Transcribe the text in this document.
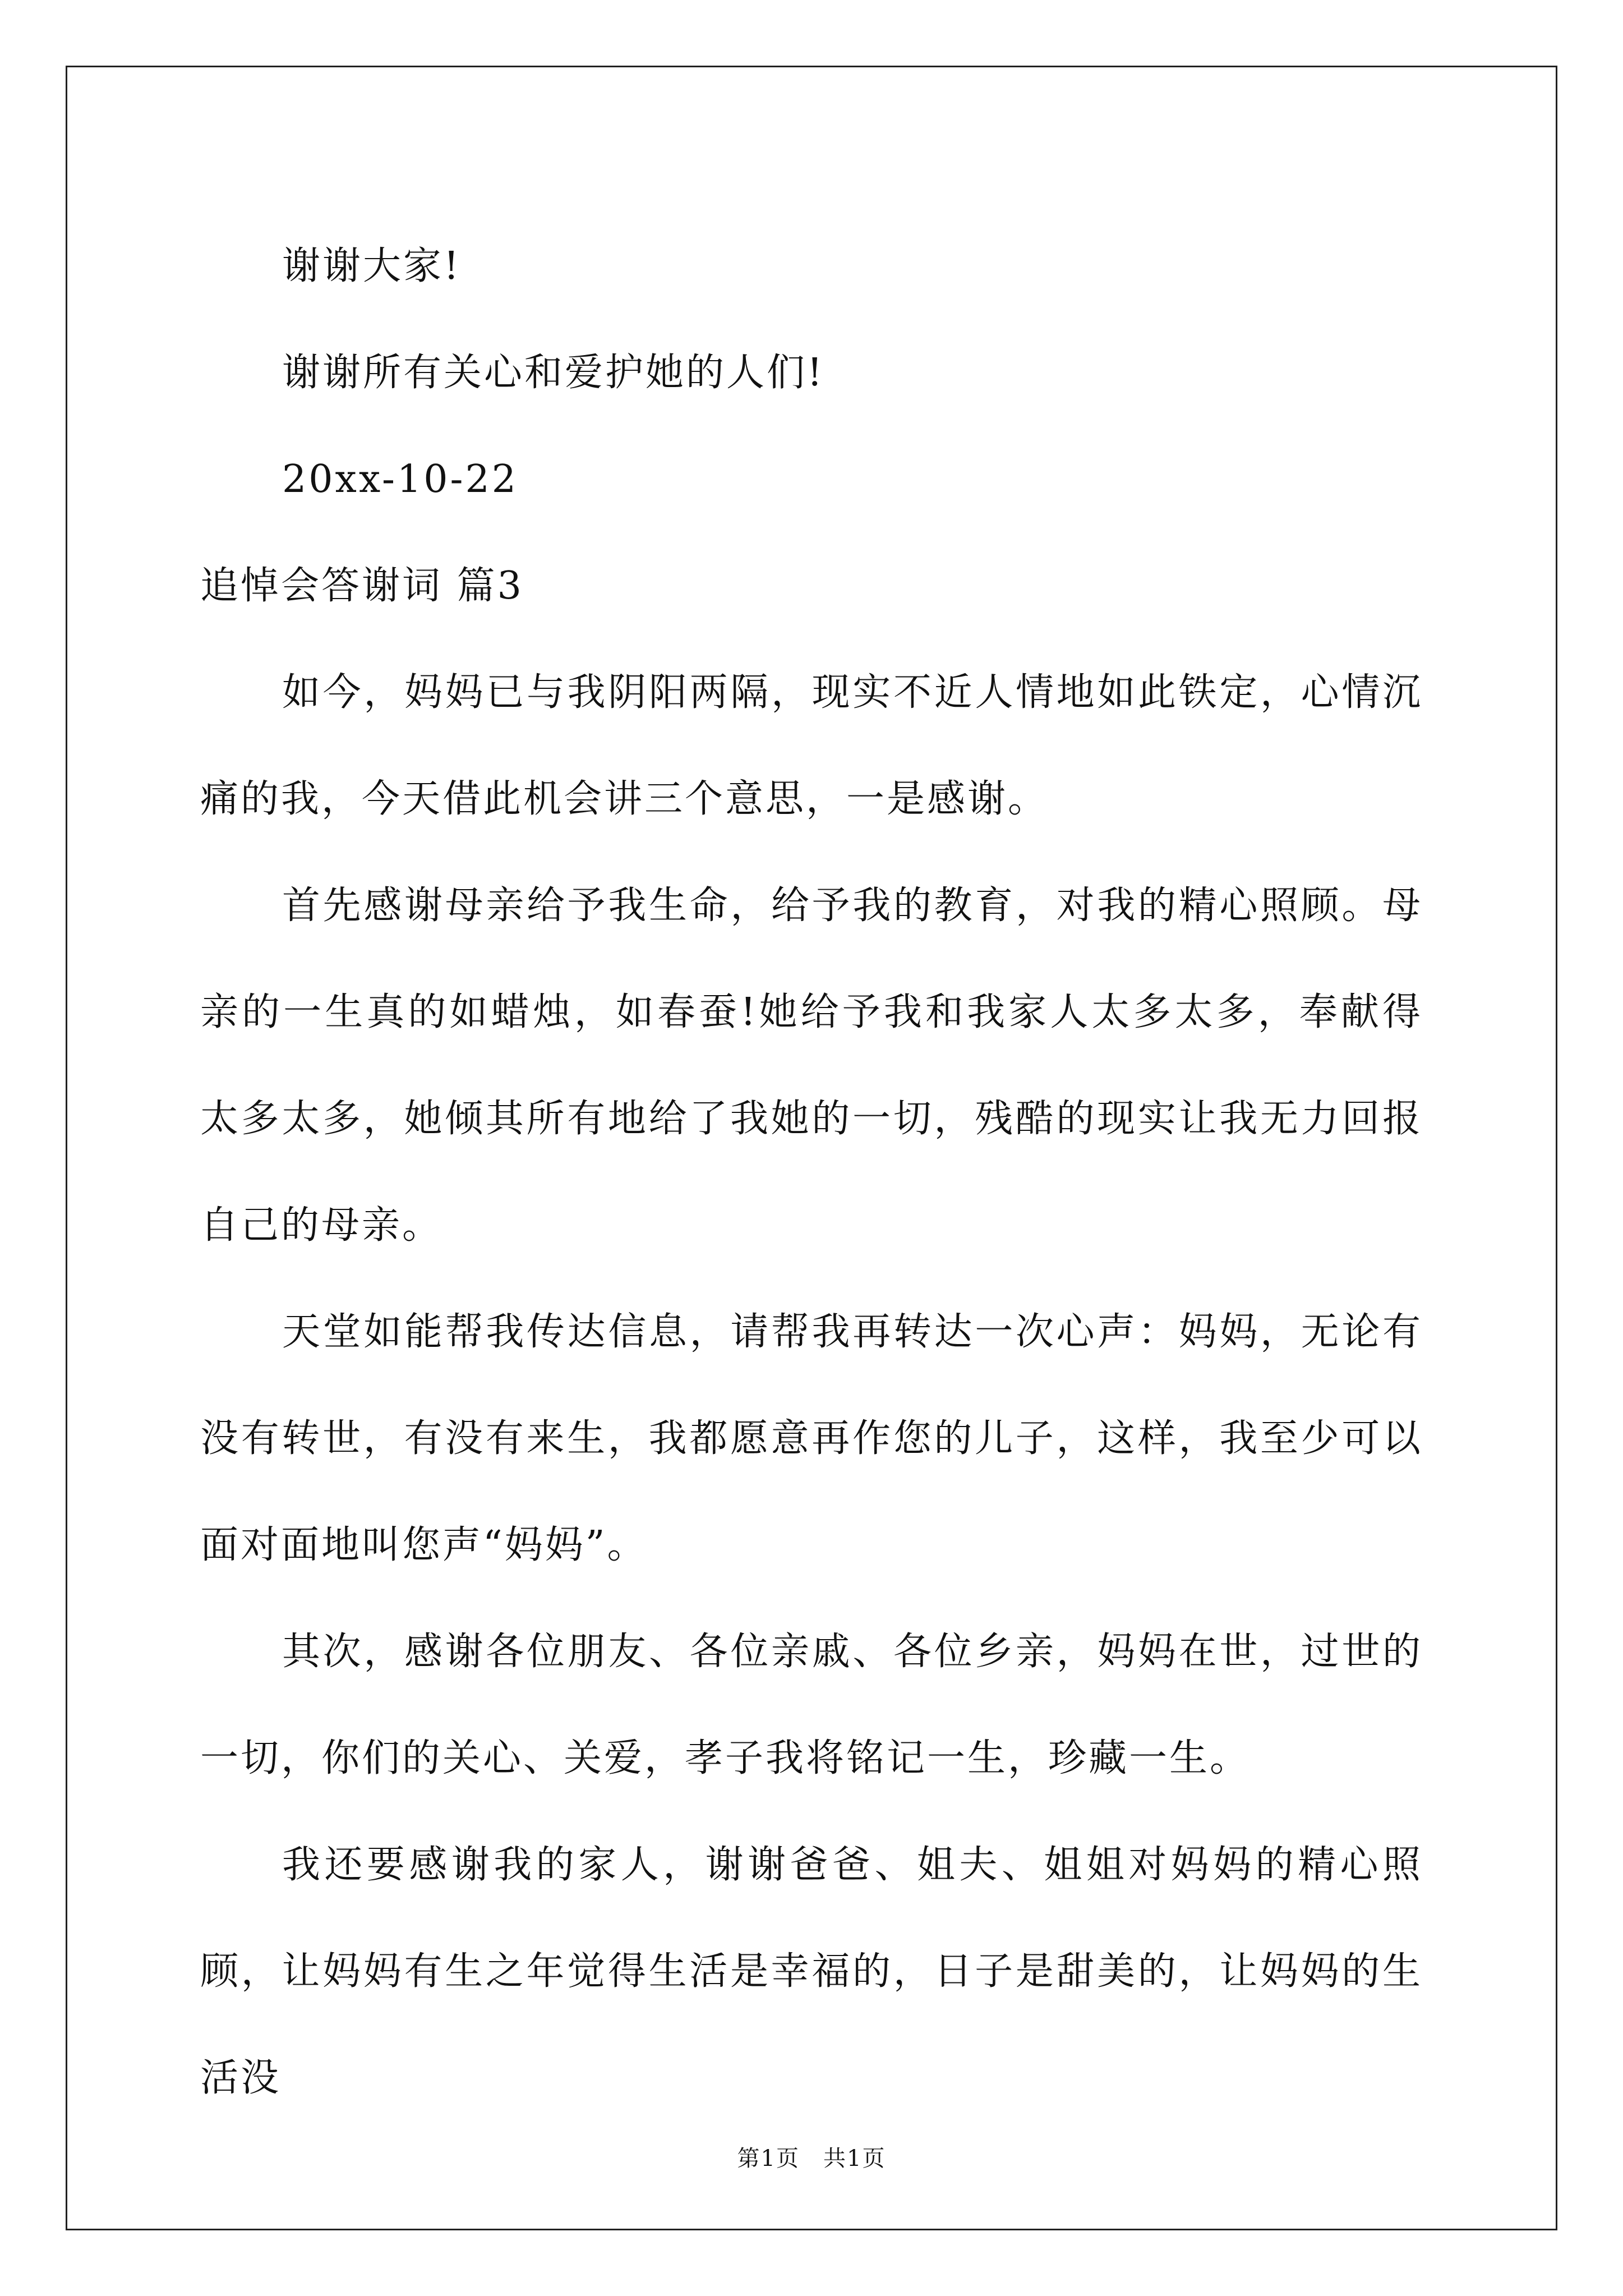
谢谢大家!

谢谢所有关心和爱护她的人们!

20xx-10-22

追悼会答谢词 篇3

如今，妈妈已与我阴阳两隔，现实不近人情地如此铁定，心情沉痛的我，今天借此机会讲三个意思，一是感谢。

首先感谢母亲给予我生命，给予我的教育，对我的精心照顾。母亲的一生真的如蜡烛，如春蚕!她给予我和我家人太多太多，奉献得太多太多，她倾其所有地给了我她的一切，残酷的现实让我无力回报自己的母亲。

天堂如能帮我传达信息，请帮我再转达一次心声：妈妈，无论有没有转世，有没有来生，我都愿意再作您的儿子，这样，我至少可以面对面地叫您声“妈妈”。

其次，感谢各位朋友、各位亲戚、各位乡亲，妈妈在世，过世的一切，你们的关心、关爱，孝子我将铭记一生，珍藏一生。

我还要感谢我的家人，谢谢爸爸、姐夫、姐姐对妈妈的精心照顾，让妈妈有生之年觉得生活是幸福的，日子是甜美的，让妈妈的生活没

第1页　共1页
